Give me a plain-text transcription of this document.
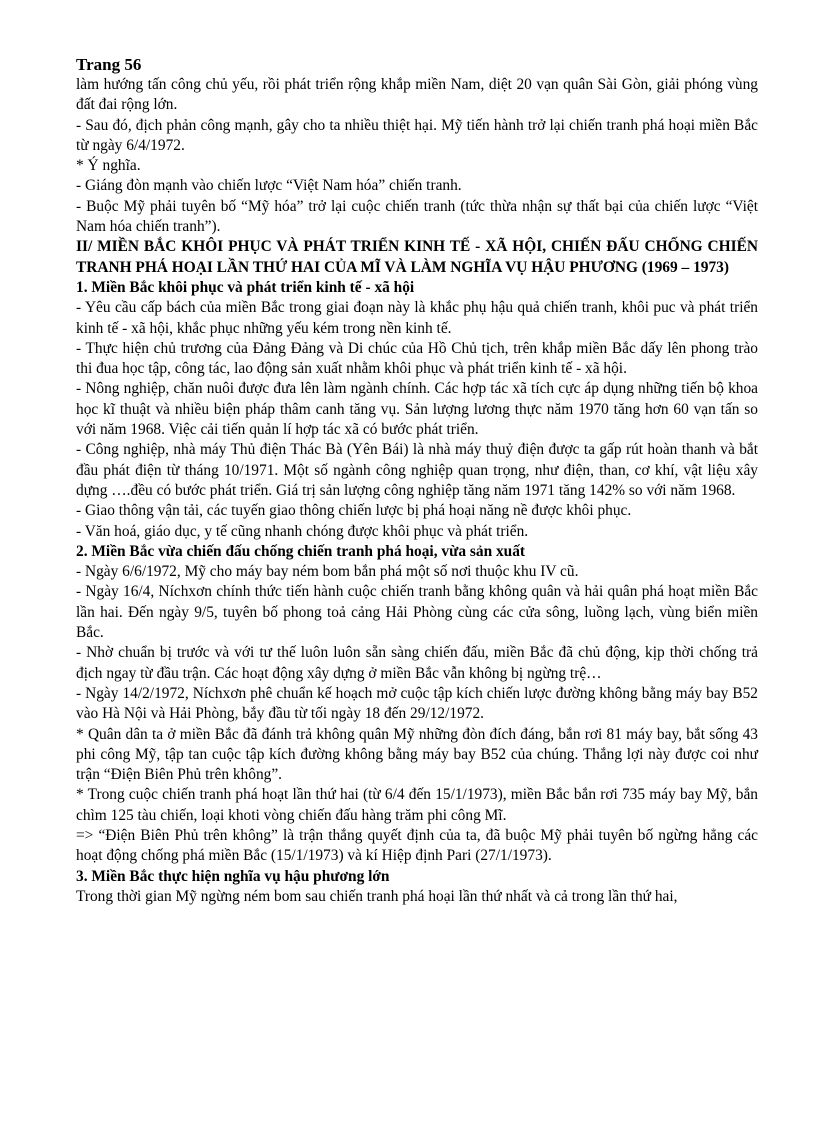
Trang 56

làm hướng tấn công chủ yếu, rồi phát triển rộng khắp miền Nam, diệt 20 vạn quân Sài Gòn, giải phóng vùng đất đai rộng lớn.

- Sau đó, địch phản công mạnh, gây cho ta nhiều thiệt hại. Mỹ tiến hành trở lại chiến tranh phá hoại miền Bắc từ ngày 6/4/1972.

* Ý nghĩa.

- Giáng đòn mạnh vào chiến lược “Việt Nam hóa” chiến tranh.

- Buộc Mỹ phải tuyên bố “Mỹ hóa” trở lại cuộc chiến tranh (tức thừa nhận sự thất bại của chiến lược “Việt Nam hóa chiến tranh”).

II/ MIỀN BẮC KHÔI PHỤC VÀ PHÁT TRIỂN KINH TẾ - XÃ HỘI, CHIẾN ĐẤU CHỐNG CHIẾN TRANH PHÁ HOẠI LẦN THỨ HAI CỦA MĨ VÀ LÀM NGHĨA VỤ HẬU PHƯƠNG (1969 – 1973)

1. Miền Bắc khôi phục và phát triển kinh tế - xã hội

- Yêu cầu cấp bách của miền Bắc trong giai đoạn này là khắc phụ hậu quả chiến tranh, khôi puc và phát triển kinh tế - xã hội, khắc phục những yếu kém trong nền kinh tế.

- Thực hiện chủ trương của Đảng Đảng và Di chúc của Hồ Chủ tịch, trên khắp miền Bắc dấy lên phong trào thi đua học tập, công tác, lao động sản xuất nhằm khôi phục và phát triển kinh tế - xã hội.

- Nông nghiệp, chăn nuôi được đưa lên làm ngành chính. Các hợp tác xã tích cực áp dụng những tiến bộ khoa học kĩ thuật và nhiều biện pháp thâm canh tăng vụ. Sản lượng lương thực năm 1970 tăng hơn 60 vạn tấn so với năm 1968. Việc cải tiến quản lí hợp tác xã có bước phát triển.

- Công nghiệp, nhà máy Thủ điện Thác Bà (Yên Bái) là nhà máy thuỷ điện được ta gấp rút hoàn thanh và bắt đầu phát điện từ tháng 10/1971. Một số ngành công nghiệp quan trọng, như điện, than, cơ khí, vật liệu xây dựng ….đều có bước phát triển. Giá trị sản lượng công nghiệp tăng năm 1971 tăng 142% so với năm 1968.

- Giao thông vận tải, các tuyến giao thông chiến lược bị phá hoại năng nề được khôi phục.

- Văn hoá, giáo dục, y tế cũng nhanh chóng được khôi phục và phát triển.

2. Miền Bắc vừa chiến đấu chống chiến tranh phá hoại, vừa sản xuất

- Ngày 6/6/1972, Mỹ cho máy bay ném bom bắn phá một số nơi thuộc khu IV cũ.

- Ngày 16/4, Níchxơn chính thức tiến hành cuộc chiến tranh bằng không quân và hải quân phá hoạt miền Bắc lần hai. Đến ngày 9/5, tuyên bố phong toả cảng Hải Phòng cùng các cửa sông, luồng lạch, vùng biển miền Bắc.

- Nhờ chuẩn bị trước và với tư thế luôn luôn sẵn sàng chiến đấu, miền Bắc đã chủ động, kịp thời chống trả địch ngay từ đầu trận. Các hoạt động xây dựng ở miền Bắc vẫn không bị ngừng trệ…

- Ngày 14/2/1972, Níchxơn phê chuẩn kế hoạch mở cuộc tập kích chiến lược đường không bằng máy bay B52 vào Hà Nội và Hải Phòng, bắy đầu từ tối ngày 18 đến 29/12/1972.

* Quân dân ta ở miền Bắc đã đánh trả không quân Mỹ những đòn đích đáng, bắn rơi 81 máy bay, bắt sống 43 phi công Mỹ, tập tan cuộc tập kích đường không bằng máy bay B52 của chúng. Thắng lợi này được coi như trận “Điện Biên Phủ trên không”.

* Trong cuộc chiến tranh phá hoạt lần thứ hai (từ 6/4 đến 15/1/1973), miền Bắc bắn rơi 735 máy bay Mỹ, bắn chìm 125 tàu chiến, loại khoti vòng chiến đấu hàng trăm phi công Mĩ.

=> “Điện Biên Phủ trên không” là trận thắng quyết định của ta, đã buộc Mỹ phải tuyên bố ngừng hẳng các hoạt động chống phá miền Bắc (15/1/1973) và kí Hiệp định Pari (27/1/1973).

3. Miền Bắc thực hiện nghĩa vụ hậu phương lớn

Trong thời gian Mỹ ngừng ném bom sau chiến tranh phá hoại lần thứ nhất và cả trong lần thứ hai,
